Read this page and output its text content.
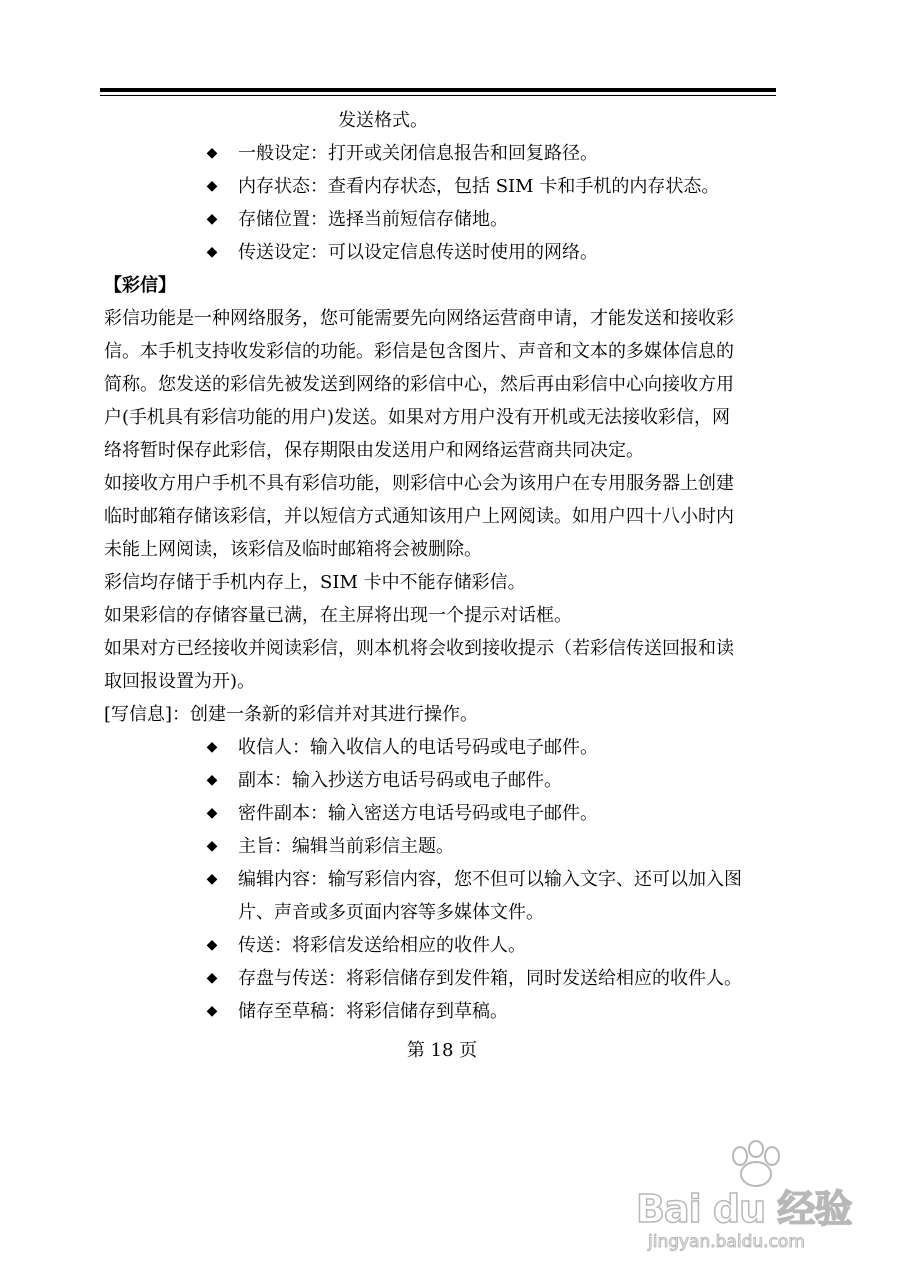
发送格式。

◆ 一般设定：打开或关闭信息报告和回复路径。

◆ 内存状态：查看内存状态，包括 SIM 卡和手机的内存状态。

◆ 存储位置：选择当前短信存储地。

◆ 传送设定：可以设定信息传送时使用的网络。

【彩信】

彩信功能是一种网络服务，您可能需要先向网络运营商申请，才能发送和接收彩

信。本手机支持收发彩信的功能。彩信是包含图片、声音和文本的多媒体信息的

简称。您发送的彩信先被发送到网络的彩信中心，然后再由彩信中心向接收方用

户(手机具有彩信功能的用户)发送。如果对方用户没有开机或无法接收彩信，网

络将暂时保存此彩信，保存期限由发送用户和网络运营商共同决定。

如接收方用户手机不具有彩信功能，则彩信中心会为该用户在专用服务器上创建

临时邮箱存储该彩信，并以短信方式通知该用户上网阅读。如用户四十八小时内

未能上网阅读，该彩信及临时邮箱将会被删除。

彩信均存储于手机内存上，SIM 卡中不能存储彩信。

如果彩信的存储容量已满，在主屏将出现一个提示对话框。

如果对方已经接收并阅读彩信，则本机将会收到接收提示（若彩信传送回报和读

取回报设置为开)。

[写信息]：创建一条新的彩信并对其进行操作。

◆ 收信人：输入收信人的电话号码或电子邮件。

◆ 副本：输入抄送方电话号码或电子邮件。

◆ 密件副本：输入密送方电话号码或电子邮件。

◆ 主旨：编辑当前彩信主题。

◆ 编辑内容：输写彩信内容，您不但可以输入文字、还可以加入图

片、声音或多页面内容等多媒体文件。

◆ 传送：将彩信发送给相应的收件人。

◆ 存盘与传送：将彩信储存到发件箱，同时发送给相应的收件人。

◆ 储存至草稿：将彩信储存到草稿。

第 18 页

Bai du 经验
jingyan.baidu.com
